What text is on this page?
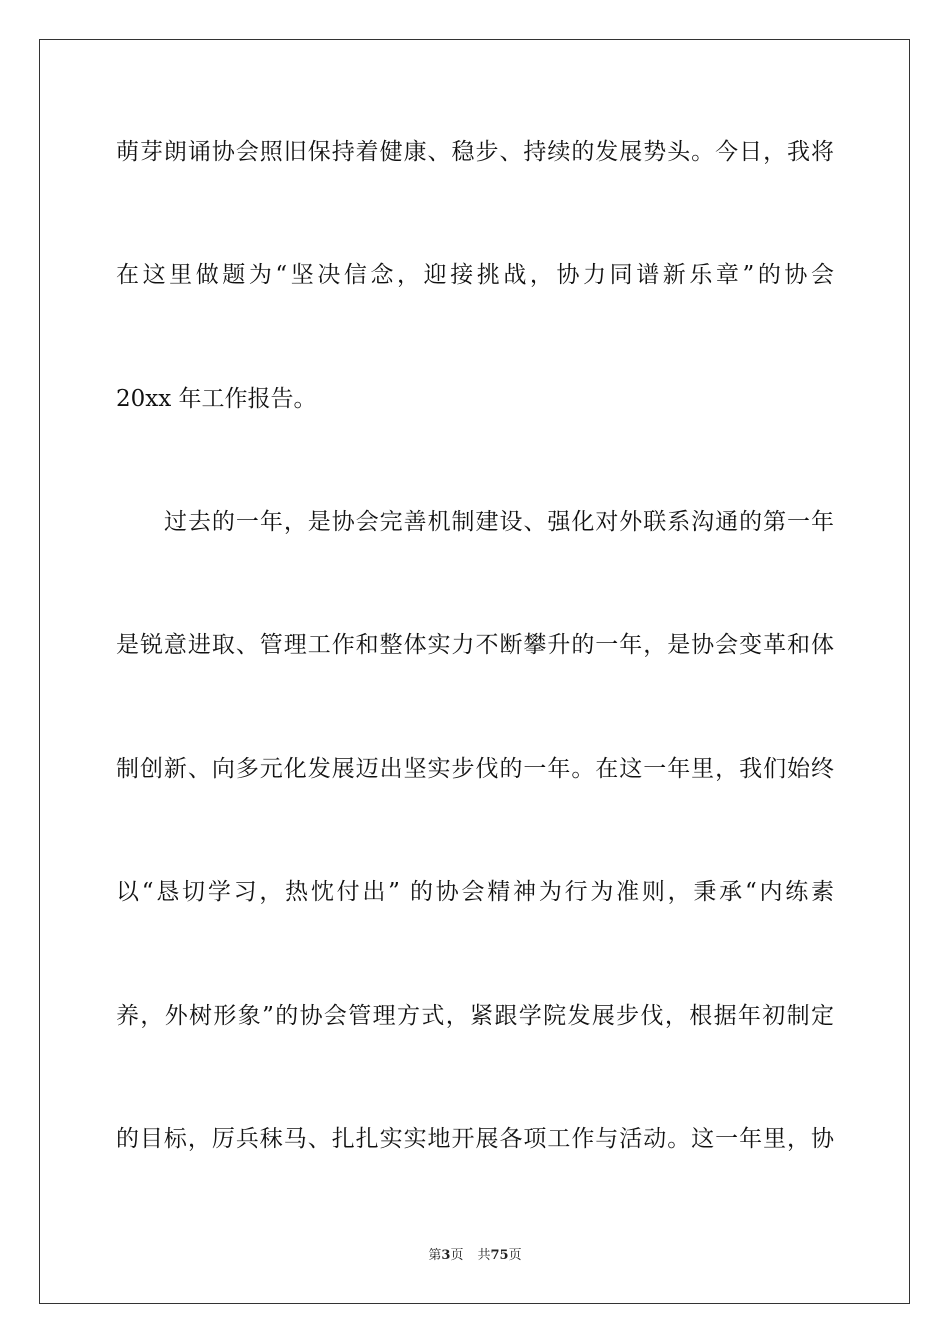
萌芽朗诵协会照旧保持着健康、稳步、持续的发展势头。今日，我将
在这里做题为“坚决信念，迎接挑战，协力同谱新乐章”的协会
20xx 年工作报告。
过去的一年，是协会完善机制建设、强化对外联系沟通的第一年
是锐意进取、管理工作和整体实力不断攀升的一年，是协会变革和体
制创新、向多元化发展迈出坚实步伐的一年。在这一年里，我们始终
以“恳切学习，热忱付出” 的协会精神为行为准则，秉承“内练素
养，外树形象”的协会管理方式，紧跟学院发展步伐，根据年初制定
的目标，厉兵秣马、扎扎实实地开展各项工作与活动。这一年里，协
第3页 共75页
